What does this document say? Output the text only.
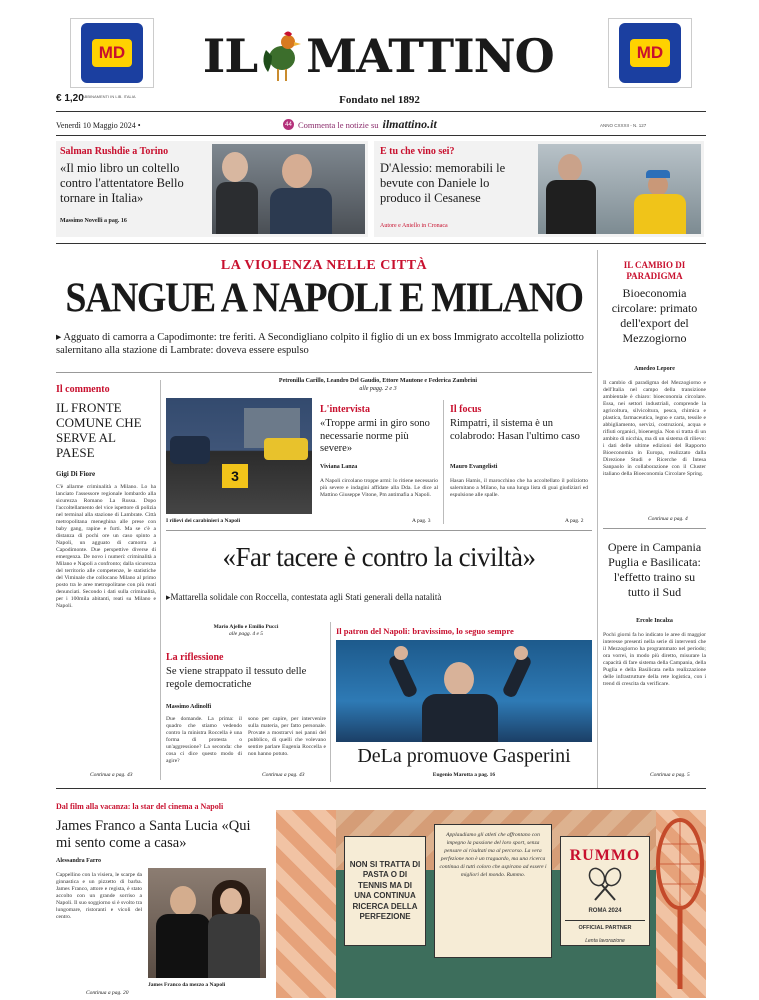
MD	MD
IL MATTINO
€ 1,20
ABBINAMENTI IN LIB. ITALIA	Fondato nel 1892
Venerdì 10 Maggio 2024 •	44 Commenta le notizie su ilmattino.it	ANNO CXXXII - N. 127
Salman Rushdie a Torino
«Il mio libro un coltello contro l'attentatore Bello tornare in Italia»
Massimo Novelli a pag. 16
E tu che vino sei?
D'Alessio: memorabili le bevute con Daniele lo produco il Cesanese
Autore e Aniello in Cronaca
LA VIOLENZA NELLE CITTÀ
SANGUE A NAPOLI E MILANO
▸ Agguato di camorra a Capodimonte: tre feriti. A Secondigliano colpito il figlio di un ex boss Immigrato accoltella poliziotto salernitano alla stazione di Lambrate: doveva essere espulso
Il commento
IL FRONTE COMUNE CHE SERVE AL PAESE
Gigi Di Fiore
C'è allarme criminalità a Milano. Lo ha lanciato l'assessore regionale lombardo alla sicurezza Romano La Russa. Dopo l'accoltellamento del vice ispettore di polizia nel terminal alla stazione di Lambrate. Città metropolitana meneghina alle prese con baby gang, rapine e furti. Ma se c'è a distanza di pochi ore un caso spinto a Napoli, un agguato di camorra a Capodimonte. Due perspettive diverse di emergenza. De novo i numeri: criminalità a Milano e Napoli a confronto; dalla sicurezza del territorio alle competenze, le statistiche del Viminale che collocano Milano al primo posto tra le aree metropolitane con più reati denunciati. Secondo i dati sulla criminalità, per i 100mila abitanti, reati su Milano e Napoli.
Continua a pag. 43
Petronilla Carillo, Leandro Del Gaudio, Ettore Mautone e Federica Zambrini
alle pagg. 2 e 3
3
I rilievi dei carabinieri a Napoli
L'intervista
«Troppe armi in giro sono necessarie norme più severe»
Viviana Lanza
A Napoli circolano troppe armi: lo ritiene necessario più severe e indagini affidate alla Dda. Le dice al Mattino Giuseppe Vitone, Pm antimafia a Napoli.
A pag. 3
Il focus
Rimpatri, il sistema è un colabrodo: Hasan l'ultimo caso
Mauro Evangelisti
Hasan Hamis, il marocchino che ha accoltellato il poliziotto salernitano a Milano, ha una lunga lista di guai giudiziari ed espulsione alle spalle.
A pag. 2
«Far tacere è contro la civiltà»
▸Mattarella solidale con Roccella, contestata agli Stati generali della natalità
Mario Ajello e Emilio Pucci
alle pagg. 4 e 5
La riflessione
Se viene strappato il tessuto delle regole democratiche
Massimo Adinolfi
Due domande. La prima: il quadro che stiamo vedendo contro la ministra Roccella è una forma di protesta o un'aggressione? La seconda: che cosa ci dice questo modo di agire?
sono per capire, per intervenire sulla materia, per fatto personale. Provate a mostrarvi nei panni del pubblico, di quelli che volevano sentire parlare Eugenia Roccella e non hanno potuto.
Continua a pag. 43
Il patron del Napoli: bravissimo, lo seguo sempre
DeLa promuove Gasperini
Eugenio Marotta a pag. 16
IL CAMBIO DI PARADIGMA
Bioeconomia circolare: primato dell'export del Mezzogiorno
Amedeo Lepore
Il cambio di paradigma del Mezzogiorno e dell'Italia nel campo della transizione ambientale è chiaro: bioeconomia circolare. Essa, nei settori industriali, comprende la agricoltura, silvicoltura, pesca, chimica e plastica, farmaceutica, legno e carta, tessile e abbigliamento, servizi, costruzioni, acqua e rifiuti organici, bioenergia. Non si tratta di un ambito di nicchia, ma di un sistema di rilievo: i dati delle ultime edizioni del Rapporto Bioeconomia in Europa, realizzato dalla Direzione Studi e Ricerche di Intesa Sanpaolo in collaborazione con il Cluster italiano della Bioeconomia Circolare Spring.
Continua a pag. 4
Opere in Campania Puglia e Basilicata: l'effetto traino su tutto il Sud
Ercole Incalza
Pochi giorni fa ho indicato le aree di maggior interesse presenti nella serie di interventi che il Mezzogiorno ha programmato nel periodo; ora vorrei, in modo più diretto, misurare la capacità di fare sistema della Campania, della Puglia e della Basilicata nella realizzazione delle infrastrutture della rete logistica, con i trend di crescita da verificare.
Continua a pag. 5
Dal film alla vacanza: la star del cinema a Napoli
James Franco a Santa Lucia «Qui mi sento come a casa»
Alessandra Farro
Cappellino con la visiera, le scarpe da ginnastica e un pizzetto di barba. James Franco, attore e regista, è stato accolto con un grande sorriso a Napoli. Il suo soggiorno si è svolto tra lungomare, ristoranti e vicoli del centro.
James Franco da mezzo a Napoli
Continua a pag. 20
NON SI TRATTA DI PASTA O DI TENNIS MA DI UNA CONTINUA RICERCA DELLA PERFEZIONE
Applaudiamo gli atleti che affrontano con impegno la passione del loro sport, senza pensare ai risultati ma al percorso. La vera perfezione non è un traguardo, ma una ricerca continua di tutti coloro che aspirano ad essere i migliori del mondo. Rummo.
RUMMO
ROMA 2024
OFFICIAL PARTNER
Lenta lavorazione
